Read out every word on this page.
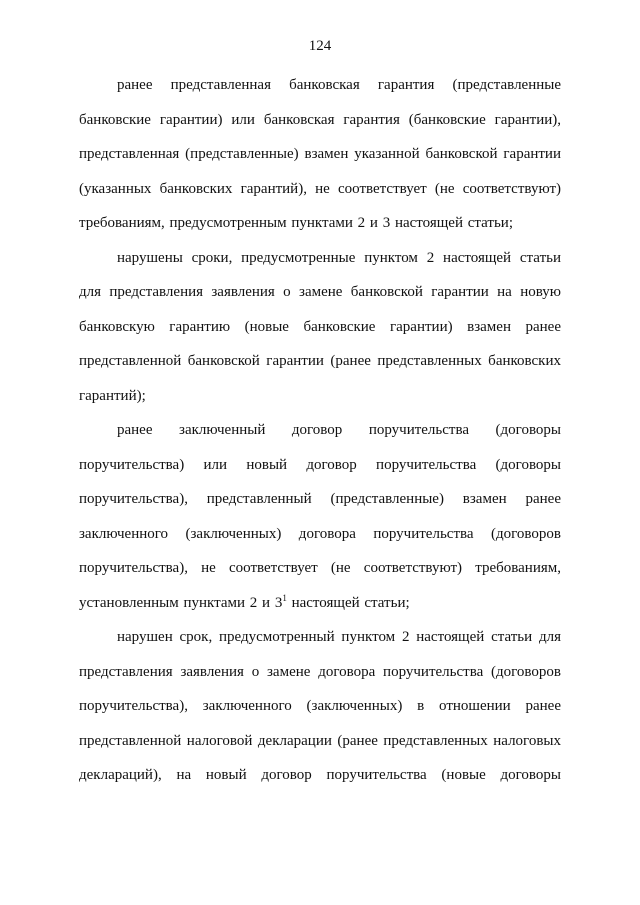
124

ранее представленная банковская гарантия (представленные банковские гарантии) или банковская гарантия (банковские гарантии), представленная (представленные) взамен указанной банковской гарантии (указанных банковских гарантий), не соответствует (не соответствуют) требованиям, предусмотренным пунктами 2 и 3 настоящей статьи;

нарушены сроки, предусмотренные пунктом 2 настоящей статьи для представления заявления о замене банковской гарантии на новую банковскую гарантию (новые банковские гарантии) взамен ранее представленной банковской гарантии (ранее представленных банковских гарантий);

ранее заключенный договор поручительства (договоры поручительства) или новый договор поручительства (договоры поручительства), представленный (представленные) взамен ранее заключенного (заключенных) договора поручительства (договоров поручительства), не соответствует (не соответствуют) требованиям, установленным пунктами 2 и $3^1$ настоящей статьи;

нарушен срок, предусмотренный пунктом 2 настоящей статьи для представления заявления о замене договора поручительства (договоров поручительства), заключенного (заключенных) в отношении ранее представленной налоговой декларации (ранее представленных налоговых деклараций), на новый договор поручительства (новые договоры
